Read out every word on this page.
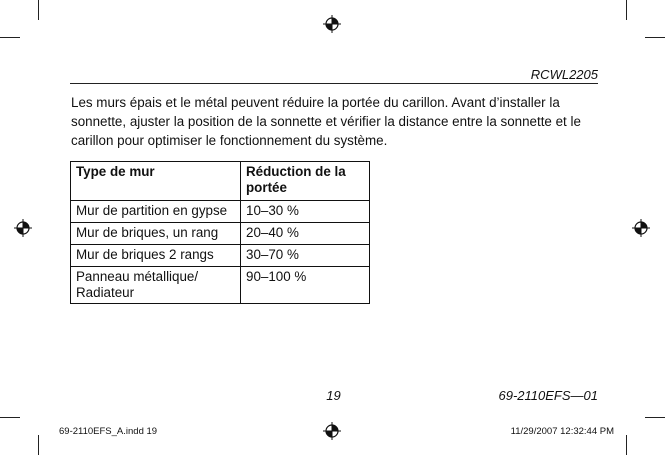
RCWL2205
Les murs épais et le métal peuvent réduire la portée du carillon. Avant d’installer la sonnette, ajuster la position de la sonnette et vérifier la distance entre la sonnette et le carillon pour optimiser le fonctionnement du système.
Type de mur	Réduction de la portée
Mur de partition en gypse	10–30 %
Mur de briques, un rang	20–40 %
Mur de briques 2 rangs	30–70 %
Panneau métallique/ Radiateur	90–100 %
19	69-2110EFS—01
69-2110EFS_A.indd 19	11/29/2007 12:32:44 PM
